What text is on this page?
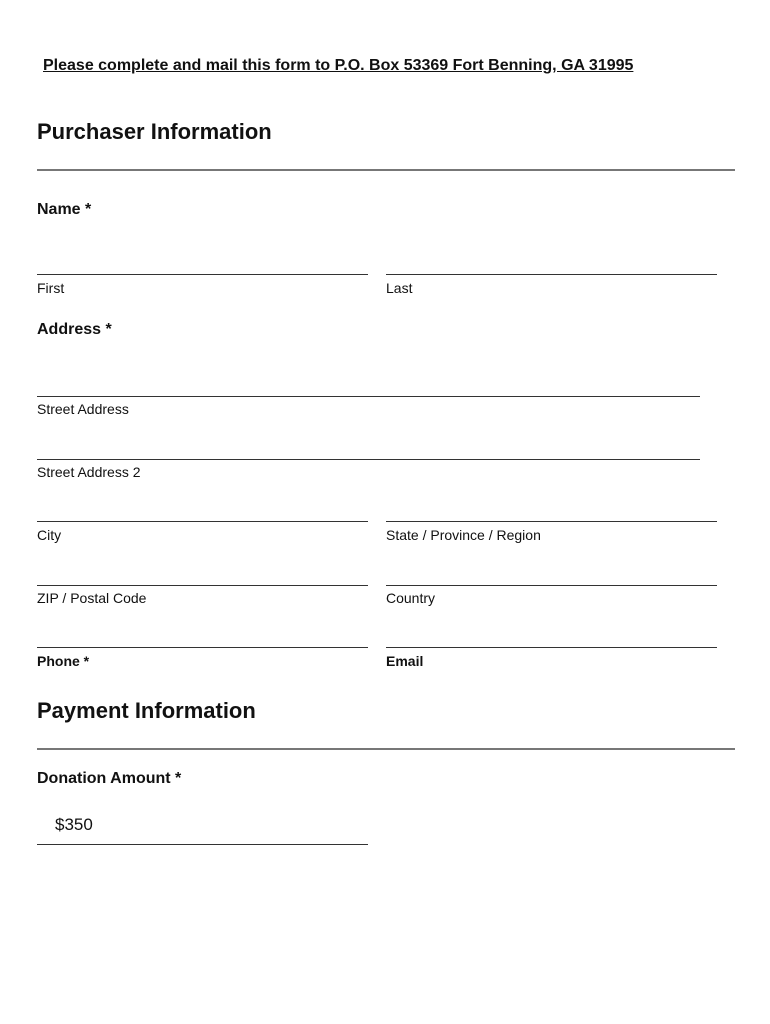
Please complete and mail this form to P.O. Box 53369 Fort Benning, GA 31995
Purchaser Information
Name *
First	Last
Address *
Street Address
Street Address 2
City	State / Province / Region
ZIP / Postal Code	Country
Phone *	Email
Payment Information
Donation Amount *
$350
